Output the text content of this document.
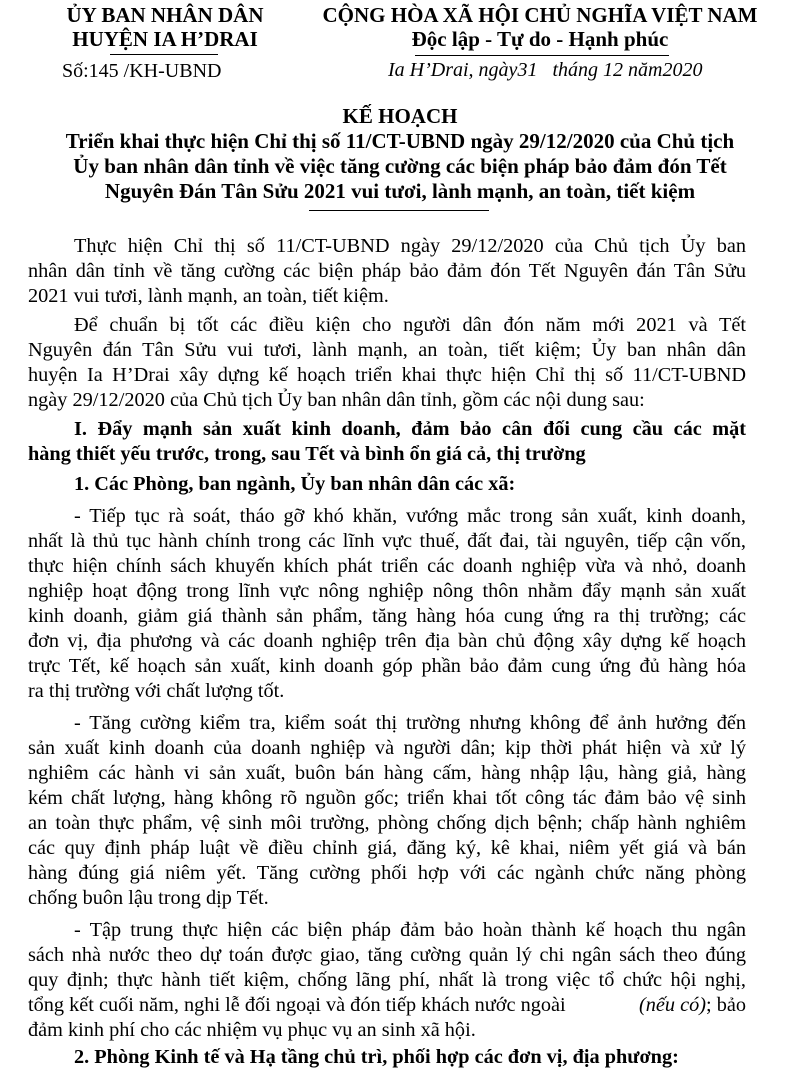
ỦY BAN NHÂN DÂN
HUYỆN IA H’DRAI
Số:145 /KH-UBND
CỘNG HÒA XÃ HỘI CHỦ NGHĨA VIỆT NAM
Độc lập - Tự do - Hạnh phúc
Ia H’Drai, ngày31 tháng 12 năm2020
KẾ HOẠCH
Triển khai thực hiện Chỉ thị số 11/CT-UBND ngày 29/12/2020 của Chủ tịch
Ủy ban nhân dân tỉnh về việc tăng cường các biện pháp bảo đảm đón Tết
Nguyên Đán Tân Sửu 2021 vui tươi, lành mạnh, an toàn, tiết kiệm
Thực hiện Chỉ thị số 11/CT-UBND ngày 29/12/2020 của Chủ tịch Ủy ban
nhân dân tỉnh về tăng cường các biện pháp bảo đảm đón Tết Nguyên đán Tân Sửu
2021 vui tươi, lành mạnh, an toàn, tiết kiệm.
Để chuẩn bị tốt các điều kiện cho người dân đón năm mới 2021 và Tết
Nguyên đán Tân Sửu vui tươi, lành mạnh, an toàn, tiết kiệm; Ủy ban nhân dân
huyện Ia H’Drai xây dựng kế hoạch triển khai thực hiện Chỉ thị số 11/CT-UBND
ngày 29/12/2020 của Chủ tịch Ủy ban nhân dân tỉnh, gồm các nội dung sau:
I. Đẩy mạnh sản xuất kinh doanh, đảm bảo cân đối cung cầu các mặt
hàng thiết yếu trước, trong, sau Tết và bình ổn giá cả, thị trường
1. Các Phòng, ban ngành, Ủy ban nhân dân các xã:
- Tiếp tục rà soát, tháo gỡ khó khăn, vướng mắc trong sản xuất, kinh doanh,
nhất là thủ tục hành chính trong các lĩnh vực thuế, đất đai, tài nguyên, tiếp cận vốn,
thực hiện chính sách khuyến khích phát triển các doanh nghiệp vừa và nhỏ, doanh
nghiệp hoạt động trong lĩnh vực nông nghiệp nông thôn nhằm đẩy mạnh sản xuất
kinh doanh, giảm giá thành sản phẩm, tăng hàng hóa cung ứng ra thị trường; các
đơn vị, địa phương và các doanh nghiệp trên địa bàn chủ động xây dựng kế hoạch
trực Tết, kế hoạch sản xuất, kinh doanh góp phần bảo đảm cung ứng đủ hàng hóa
ra thị trường với chất lượng tốt.
- Tăng cường kiểm tra, kiểm soát thị trường nhưng không để ảnh hưởng đến
sản xuất kinh doanh của doanh nghiệp và người dân; kịp thời phát hiện và xử lý
nghiêm các hành vi sản xuất, buôn bán hàng cấm, hàng nhập lậu, hàng giả, hàng
kém chất lượng, hàng không rõ nguồn gốc; triển khai tốt công tác đảm bảo vệ sinh
an toàn thực phẩm, vệ sinh môi trường, phòng chống dịch bệnh; chấp hành nghiêm
các quy định pháp luật về điều chỉnh giá, đăng ký, kê khai, niêm yết giá và bán
hàng đúng giá niêm yết. Tăng cường phối hợp với các ngành chức năng phòng
chống buôn lậu trong dịp Tết.
- Tập trung thực hiện các biện pháp đảm bảo hoàn thành kế hoạch thu ngân
sách nhà nước theo dự toán được giao, tăng cường quản lý chi ngân sách theo đúng
quy định; thực hành tiết kiệm, chống lãng phí, nhất là trong việc tổ chức hội nghị,
tổng kết cuối năm, nghi lễ đối ngoại và đón tiếp khách nước ngoài	(nếu có); bảo
đảm kinh phí cho các nhiệm vụ phục vụ an sinh xã hội.
2. Phòng Kinh tế và Hạ tầng chủ trì, phối hợp các đơn vị, địa phương:
